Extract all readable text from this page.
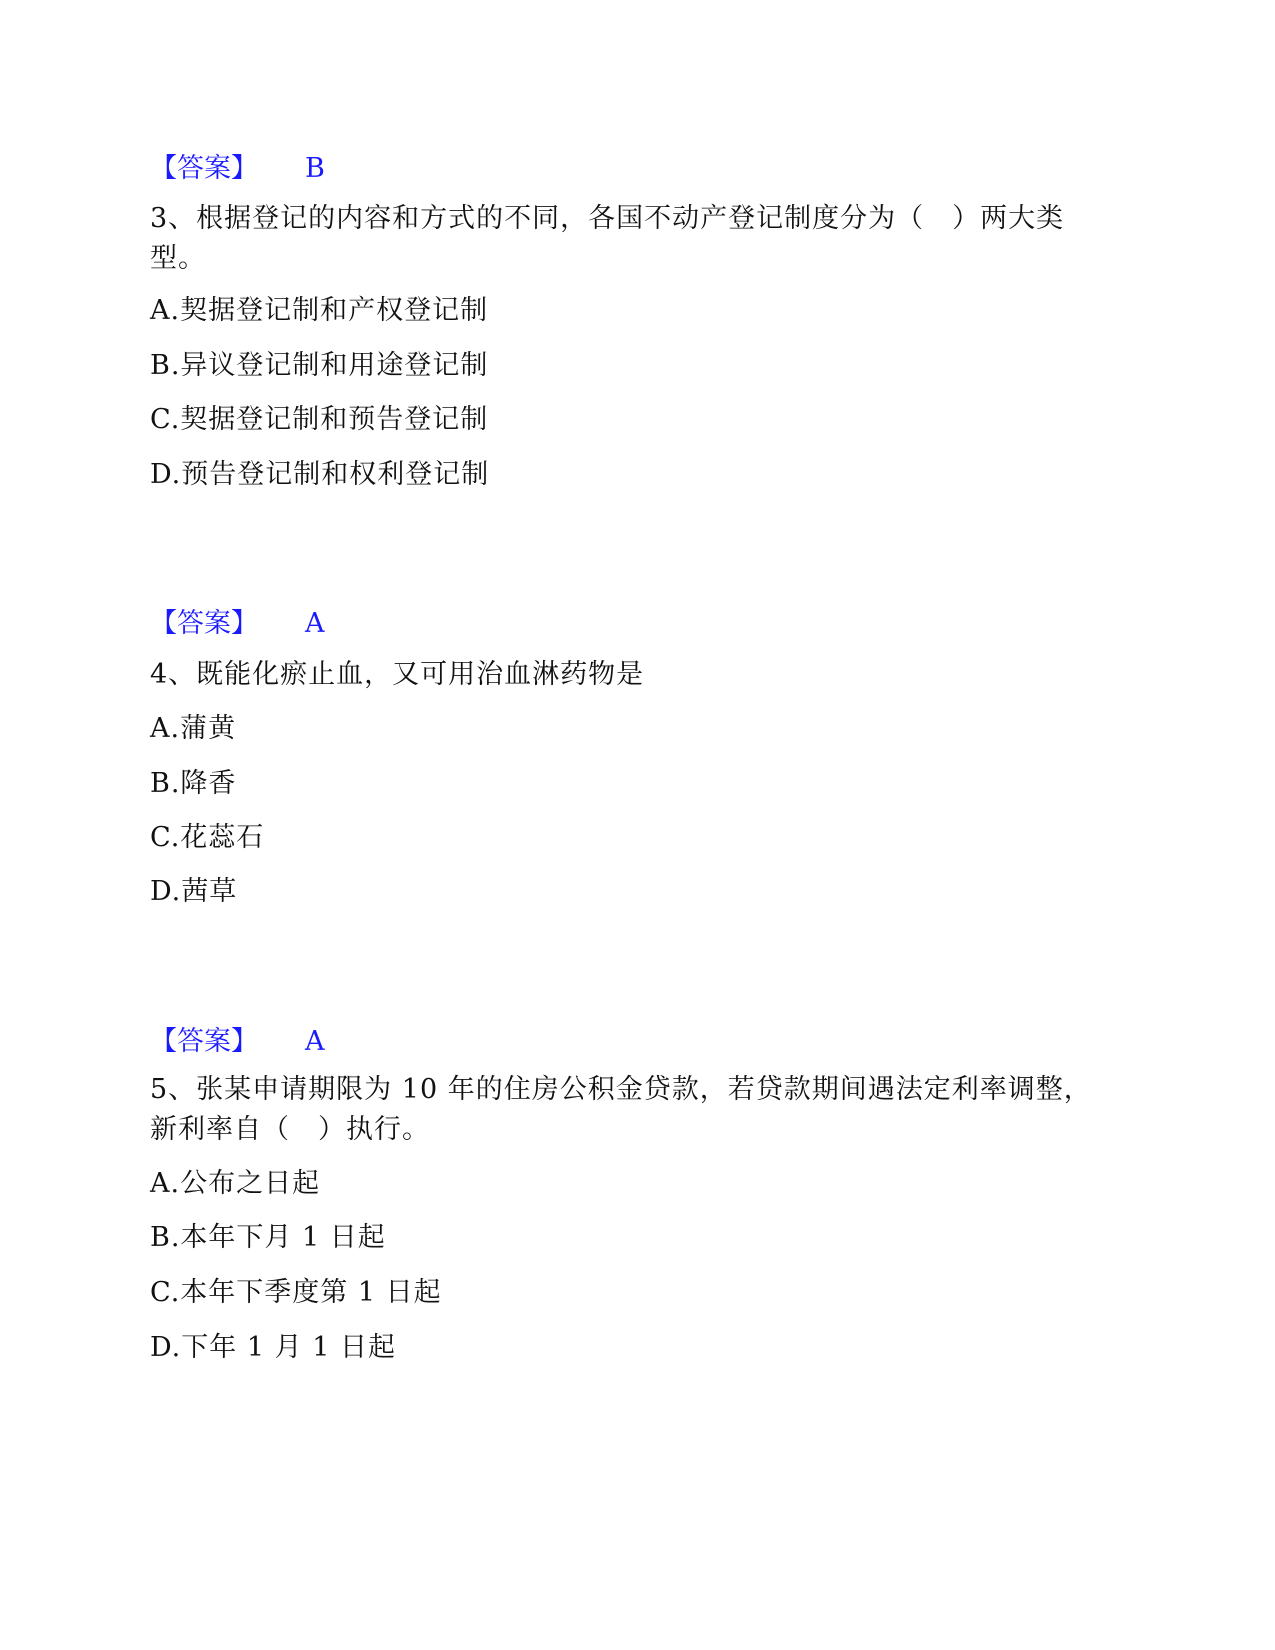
【答案】 B
3、根据登记的内容和方式的不同，各国不动产登记制度分为（　）两大类型。
A.契据登记制和产权登记制
B.异议登记制和用途登记制
C.契据登记制和预告登记制
D.预告登记制和权利登记制
【答案】 A
4、既能化瘀止血，又可用治血淋药物是
A.蒲黄
B.降香
C.花蕊石
D.茜草
【答案】 A
5、张某申请期限为 10 年的住房公积金贷款，若贷款期间遇法定利率调整，新利率自（　）执行。
A.公布之日起
B.本年下月 1 日起
C.本年下季度第 1 日起
D.下年 1 月 1 日起
